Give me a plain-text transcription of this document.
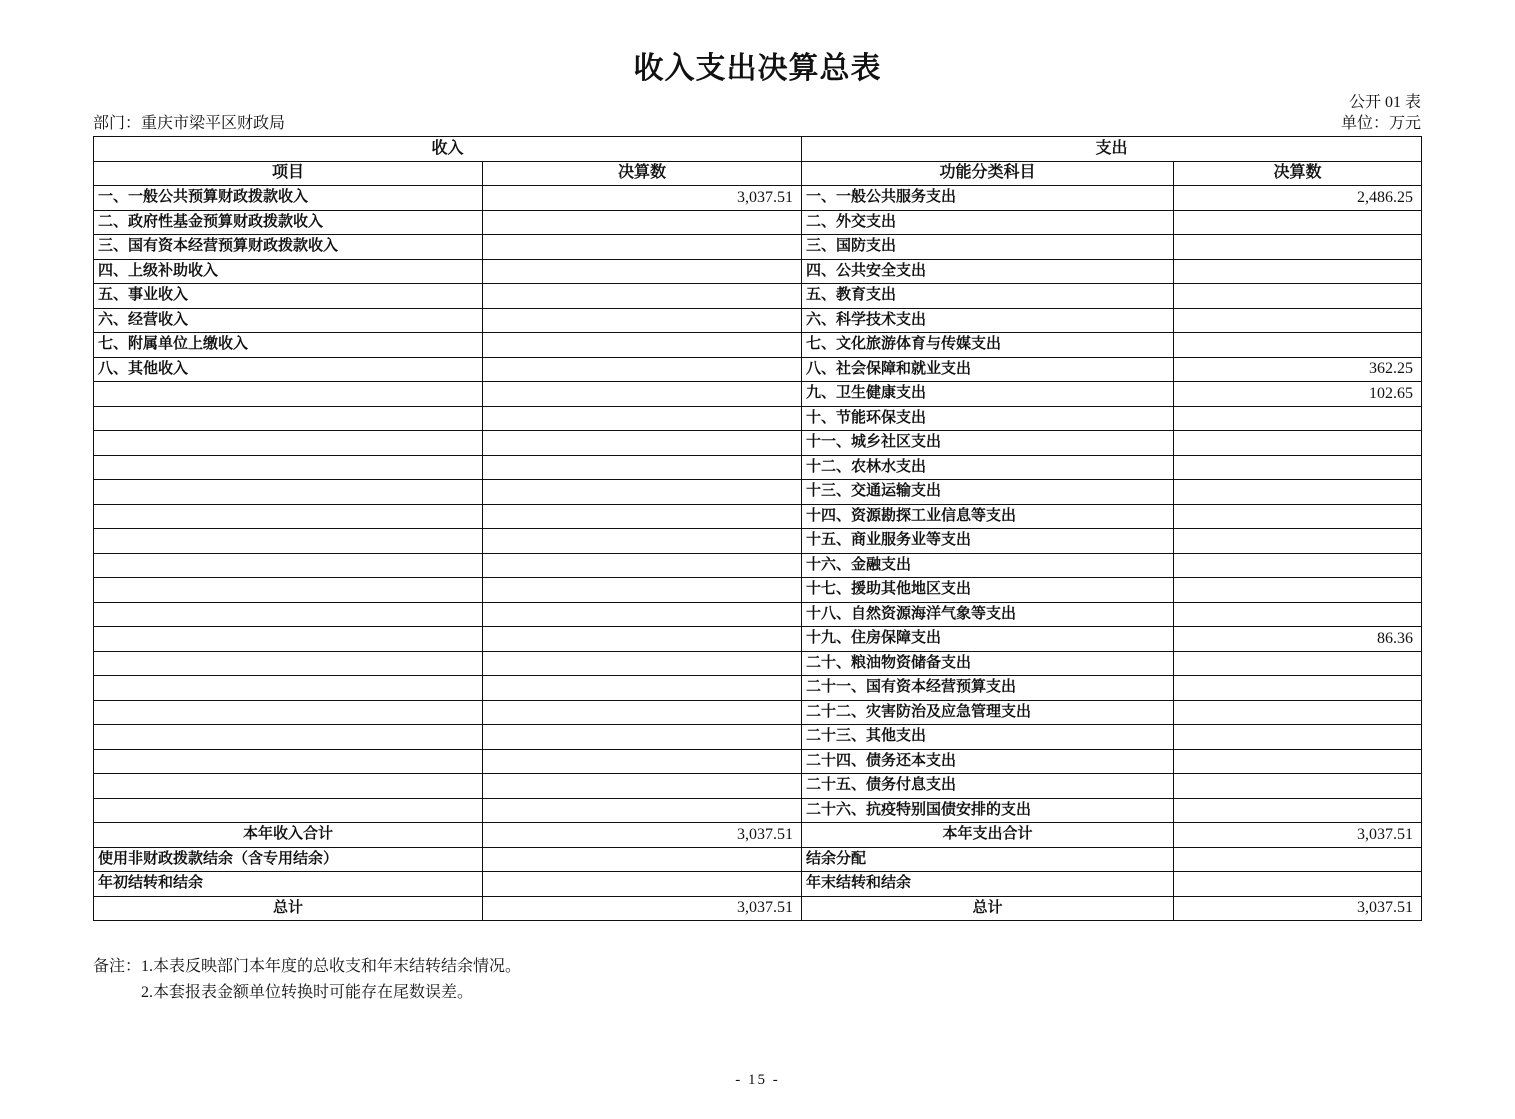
收入支出决算总表
公开 01 表
部门：重庆市梁平区财政局	单位：万元
收入		支出	
项目	决算数	功能分类科目	决算数
一、一般公共预算财政拨款收入	3,037.51	一、一般公共服务支出	2,486.25
二、政府性基金预算财政拨款收入		二、外交支出	
三、国有资本经营预算财政拨款收入		三、国防支出	
四、上级补助收入		四、公共安全支出	
五、事业收入		五、教育支出	
六、经营收入		六、科学技术支出	
七、附属单位上缴收入		七、文化旅游体育与传媒支出	
八、其他收入		八、社会保障和就业支出	362.25
		九、卫生健康支出	102.65
		十、节能环保支出	
		十一、城乡社区支出	
		十二、农林水支出	
		十三、交通运输支出	
		十四、资源勘探工业信息等支出	
		十五、商业服务业等支出	
		十六、金融支出	
		十七、援助其他地区支出	
		十八、自然资源海洋气象等支出	
		十九、住房保障支出	86.36
		二十、粮油物资储备支出	
		二十一、国有资本经营预算支出	
		二十二、灾害防治及应急管理支出	
		二十三、其他支出	
		二十四、债务还本支出	
		二十五、债务付息支出	
		二十六、抗疫特别国债安排的支出	
本年收入合计	3,037.51	本年支出合计	3,037.51
使用非财政拨款结余（含专用结余）		结余分配	
年初结转和结余		年末结转和结余	
总计	3,037.51	总计	3,037.51
备注：1.本表反映部门本年度的总收支和年末结转结余情况。
2.本套报表金额单位转换时可能存在尾数误差。
- 15 -
